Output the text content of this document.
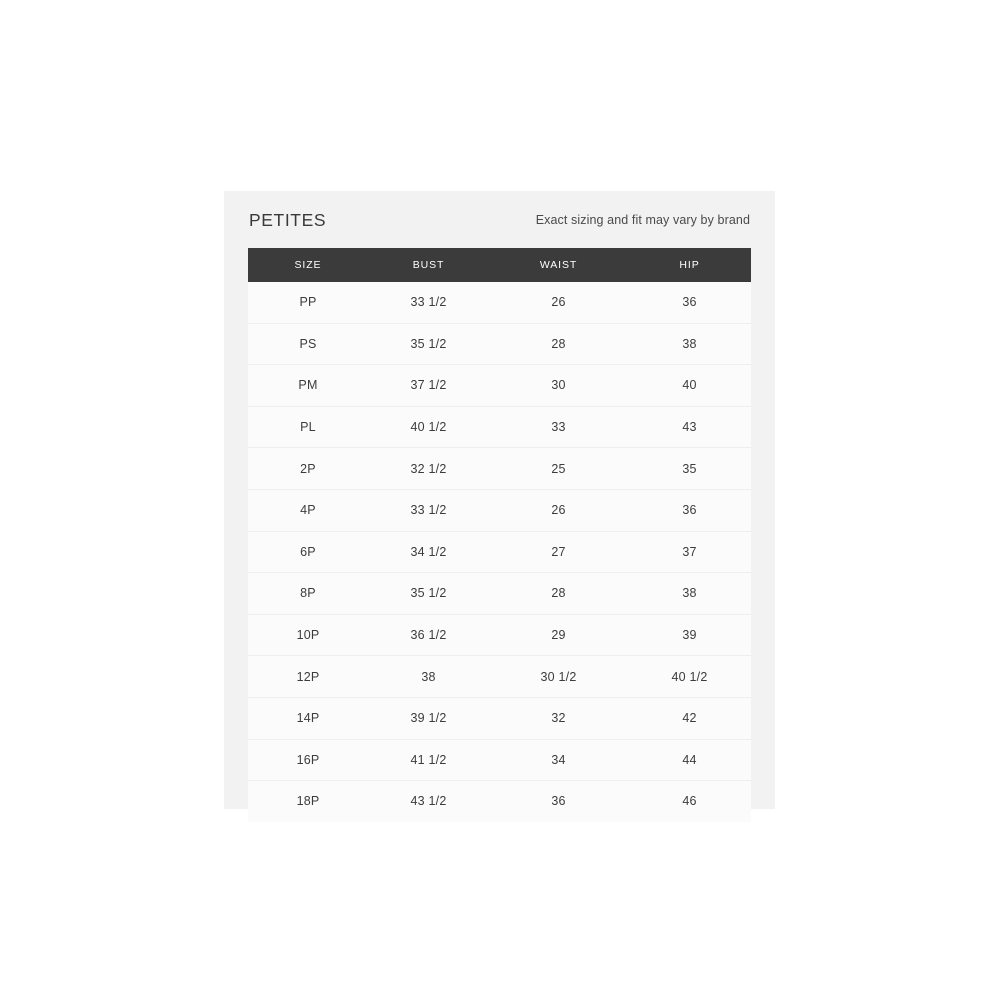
PETITES	Exact sizing and fit may vary by brand
SIZE	BUST	WAIST	HIP
PP	33 1/2	26	36
PS	35 1/2	28	38
PM	37 1/2	30	40
PL	40 1/2	33	43
2P	32 1/2	25	35
4P	33 1/2	26	36
6P	34 1/2	27	37
8P	35 1/2	28	38
10P	36 1/2	29	39
12P	38	30 1/2	40 1/2
14P	39 1/2	32	42
16P	41 1/2	34	44
18P	43 1/2	36	46
